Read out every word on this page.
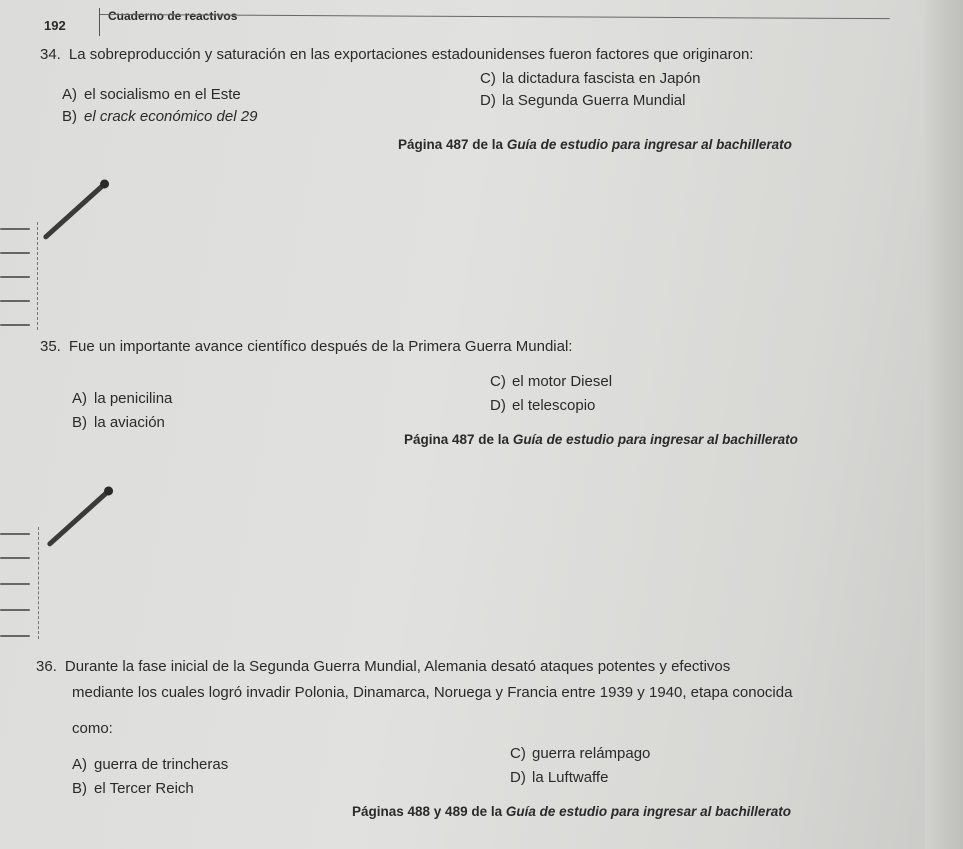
192
Cuaderno de reactivos
34. La sobreproducción y saturación en las exportaciones estadounidenses fueron factores que originaron:
A) el socialismo en el Este
B) el crack económico del 29
C) la dictadura fascista en Japón
D) la Segunda Guerra Mundial
Página 487 de la Guía de estudio para ingresar al bachillerato
35. Fue un importante avance científico después de la Primera Guerra Mundial:
A) la penicilina
B) la aviación
C) el motor Diesel
D) el telescopio
Página 487 de la Guía de estudio para ingresar al bachillerato
36. Durante la fase inicial de la Segunda Guerra Mundial, Alemania desató ataques potentes y efectivos
mediante los cuales logró invadir Polonia, Dinamarca, Noruega y Francia entre 1939 y 1940, etapa conocida
como:
A) guerra de trincheras
B) el Tercer Reich
C) guerra relámpago
D) la Luftwaffe
Páginas 488 y 489 de la Guía de estudio para ingresar al bachillerato
